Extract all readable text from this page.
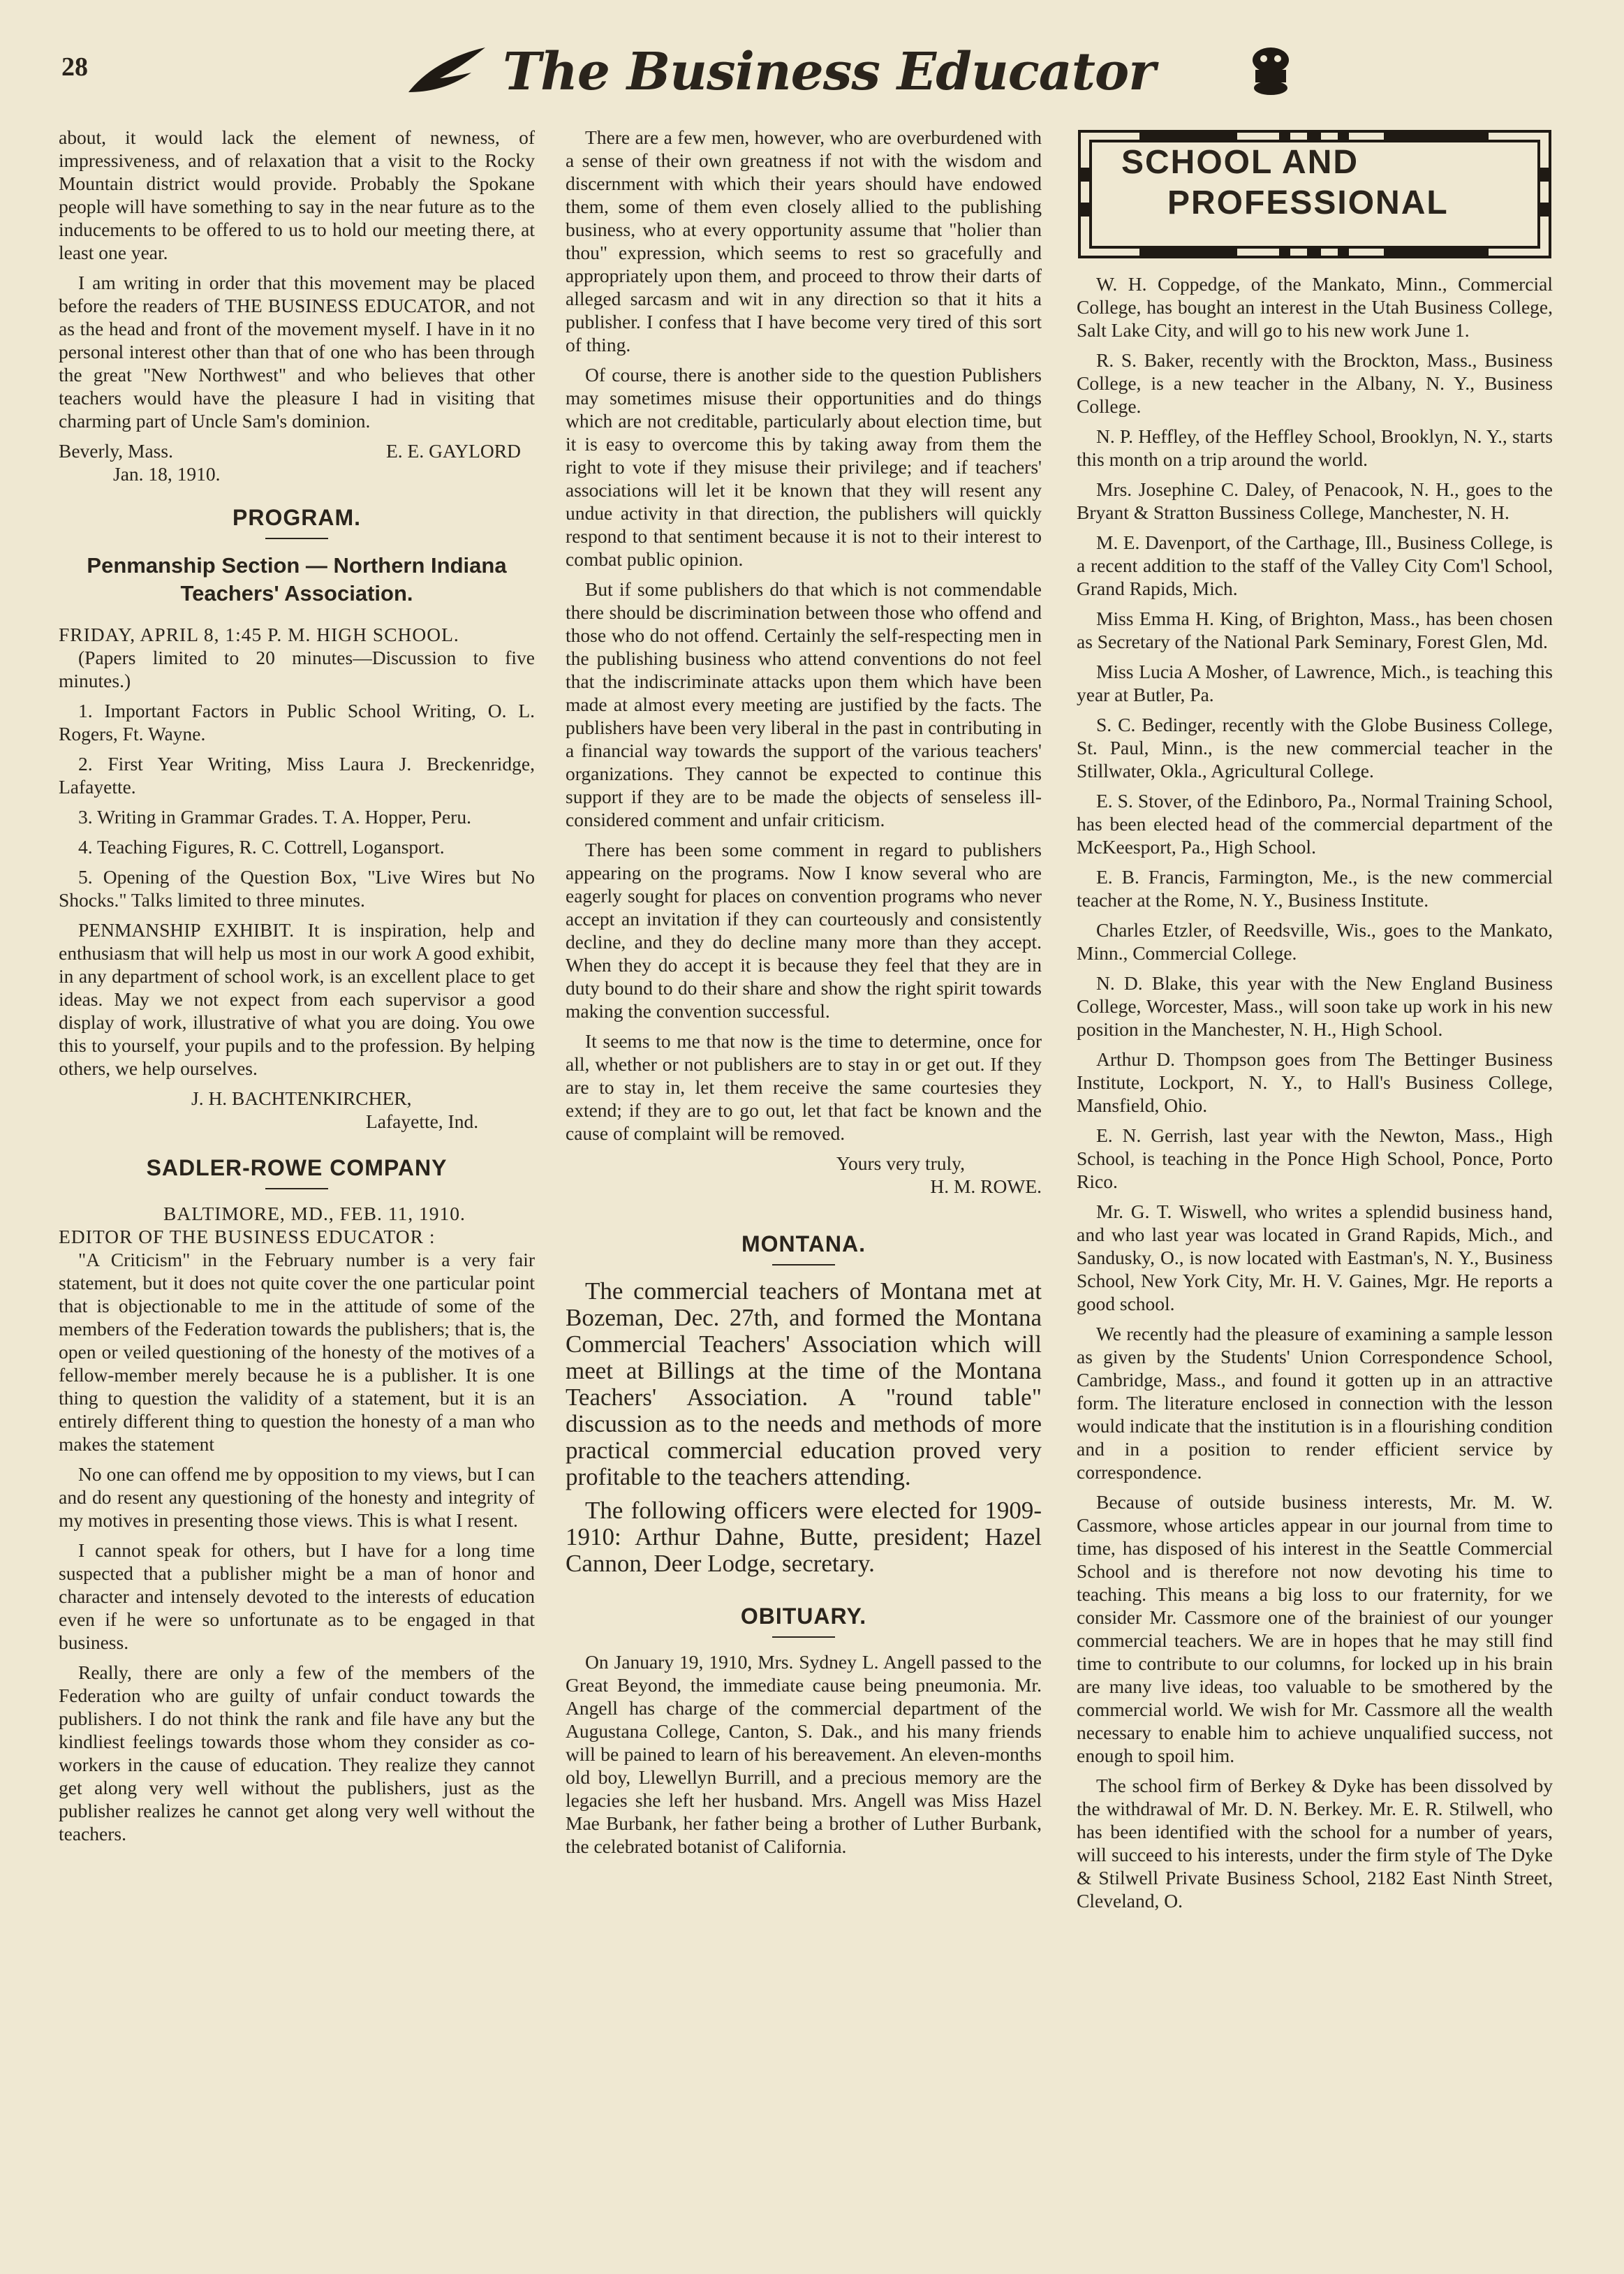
28	The Business Educator

about, it would lack the element of newness, of impressiveness, and of relaxation that a visit to the Rocky Mountain district would provide. Probably the Spokane people will have something to say in the near future as to the inducements to be offered to us to hold our meeting there, at least one year.

I am writing in order that this movement may be placed before the readers of THE BUSINESS EDUCATOR, and not as the head and front of the movement myself. I have in it no personal interest other than that of one who has been through the great "New Northwest" and who believes that other teachers would have the pleasure I had in visiting that charming part of Uncle Sam's dominion.

Beverly, Mass.	E. E. GAYLORD
Jan. 18, 1910.
PROGRAM.
Penmanship Section — Northern Indiana Teachers' Association.
FRIDAY, APRIL 8, 1:45 P. M. HIGH SCHOOL.

(Papers limited to 20 minutes—Discussion to five minutes.)

1. Important Factors in Public School Writing, O. L. Rogers, Ft. Wayne.

2. First Year Writing, Miss Laura J. Breckenridge, Lafayette.

3. Writing in Grammar Grades. T. A. Hopper, Peru.

4. Teaching Figures, R. C. Cottrell, Logansport.

5. Opening of the Question Box, "Live Wires but No Shocks." Talks limited to three minutes.

PENMANSHIP EXHIBIT. It is inspiration, help and enthusiasm that will help us most in our work A good exhibit, in any department of school work, is an excellent place to get ideas. May we not expect from each supervisor a good display of work, illustrative of what you are doing. You owe this to yourself, your pupils and to the profession. By helping others, we help ourselves.

J. H. BACHTENKIRCHER,
Lafayette, Ind.
SADLER-ROWE COMPANY
BALTIMORE, MD., FEB. 11, 1910.
EDITOR OF THE BUSINESS EDUCATOR :

"A Criticism" in the February number is a very fair statement, but it does not quite cover the one particular point that is objectionable to me in the attitude of some of the members of the Federation towards the publishers; that is, the open or veiled questioning of the honesty of the motives of a fellow-member merely because he is a publisher. It is one thing to question the validity of a statement, but it is an entirely different thing to question the honesty of a man who makes the statement

No one can offend me by opposition to my views, but I can and do resent any questioning of the honesty and integrity of my motives in presenting those views. This is what I resent.

I cannot speak for others, but I have for a long time suspected that a publisher might be a man of honor and character and intensely devoted to the interests of education even if he were so unfortunate as to be engaged in that business.

Really, there are only a few of the members of the Federation who are guilty of unfair conduct towards the publishers. I do not think the rank and file have any but the kindliest feelings towards those whom they consider as co-workers in the cause of education. They realize they cannot get along very well without the publishers, just as the publisher realizes he cannot get along very well without the teachers.

There are a few men, however, who are overburdened with a sense of their own greatness if not with the wisdom and discernment with which their years should have endowed them, some of them even closely allied to the publishing business, who at every opportunity assume that "holier than thou" expression, which seems to rest so gracefully and appropriately upon them, and proceed to throw their darts of alleged sarcasm and wit in any direction so that it hits a publisher. I confess that I have become very tired of this sort of thing.

Of course, there is another side to the question Publishers may sometimes misuse their opportunities and do things which are not creditable, particularly about election time, but it is easy to overcome this by taking away from them the right to vote if they misuse their privilege; and if teachers' associations will let it be known that they will resent any undue activity in that direction, the publishers will quickly respond to that sentiment because it is not to their interest to combat public opinion.

But if some publishers do that which is not commendable there should be discrimination between those who offend and those who do not offend. Certainly the self-respecting men in the publishing business who attend conventions do not feel that the indiscriminate attacks upon them which have been made at almost every meeting are justified by the facts. The publishers have been very liberal in the past in contributing in a financial way towards the support of the various teachers' organizations. They cannot be expected to continue this support if they are to be made the objects of senseless ill-considered comment and unfair criticism.

There has been some comment in regard to publishers appearing on the programs. Now I know several who are eagerly sought for places on convention programs who never accept an invitation if they can courteously and consistently decline, and they do decline many more than they accept. When they do accept it is because they feel that they are in duty bound to do their share and show the right spirit towards making the convention successful.

It seems to me that now is the time to determine, once for all, whether or not publishers are to stay in or get out. If they are to stay in, let them receive the same courtesies they extend; if they are to go out, let that fact be known and the cause of complaint will be removed.

Yours very truly,
H. M. ROWE.
MONTANA.

The commercial teachers of Montana met at Bozeman, Dec. 27th, and formed the Montana Commercial Teachers' Association which will meet at Billings at the time of the Montana Teachers' Association. A "round table" discussion as to the needs and methods of more practical commercial education proved very profitable to the teachers attending.

The following officers were elected for 1909-1910: Arthur Dahne, Butte, president; Hazel Cannon, Deer Lodge, secretary.

OBITUARY.

On January 19, 1910, Mrs. Sydney L. Angell passed to the Great Beyond, the immediate cause being pneumonia. Mr. Angell has charge of the commercial department of the Augustana College, Canton, S. Dak., and his many friends will be pained to learn of his bereavement. An eleven-months old boy, Llewellyn Burrill, and a precious memory are the legacies she left her husband. Mrs. Angell was Miss Hazel Mae Burbank, her father being a brother of Luther Burbank, the celebrated botanist of California.

SCHOOL AND
PROFESSIONAL

W. H. Coppedge, of the Mankato, Minn., Commercial College, has bought an interest in the Utah Business College, Salt Lake City, and will go to his new work June 1.

R. S. Baker, recently with the Brockton, Mass., Business College, is a new teacher in the Albany, N. Y., Business College.

N. P. Heffley, of the Heffley School, Brooklyn, N. Y., starts this month on a trip around the world.

Mrs. Josephine C. Daley, of Penacook, N. H., goes to the Bryant & Stratton Bussiness College, Manchester, N. H.

M. E. Davenport, of the Carthage, Ill., Business College, is a recent addition to the staff of the Valley City Com'l School, Grand Rapids, Mich.

Miss Emma H. King, of Brighton, Mass., has been chosen as Secretary of the National Park Seminary, Forest Glen, Md.

Miss Lucia A Mosher, of Lawrence, Mich., is teaching this year at Butler, Pa.

S. C. Bedinger, recently with the Globe Business College, St. Paul, Minn., is the new commercial teacher in the Stillwater, Okla., Agricultural College.

E. S. Stover, of the Edinboro, Pa., Normal Training School, has been elected head of the commercial department of the McKeesport, Pa., High School.

E. B. Francis, Farmington, Me., is the new commercial teacher at the Rome, N. Y., Business Institute.

Charles Etzler, of Reedsville, Wis., goes to the Mankato, Minn., Commercial College.

N. D. Blake, this year with the New England Business College, Worcester, Mass., will soon take up work in his new position in the Manchester, N. H., High School.

Arthur D. Thompson goes from The Bettinger Business Institute, Lockport, N. Y., to Hall's Business College, Mansfield, Ohio.

E. N. Gerrish, last year with the Newton, Mass., High School, is teaching in the Ponce High School, Ponce, Porto Rico.

Mr. G. T. Wiswell, who writes a splendid business hand, and who last year was located in Grand Rapids, Mich., and Sandusky, O., is now located with Eastman's, N. Y., Business School, New York City, Mr. H. V. Gaines, Mgr. He reports a good school.

We recently had the pleasure of examining a sample lesson as given by the Students' Union Correspondence School, Cambridge, Mass., and found it gotten up in an attractive form. The literature enclosed in connection with the lesson would indicate that the institution is in a flourishing condition and in a position to render efficient service by correspondence.

Because of outside business interests, Mr. M. W. Cassmore, whose articles appear in our journal from time to time, has disposed of his interest in the Seattle Commercial School and is therefore not now devoting his time to teaching. This means a big loss to our fraternity, for we consider Mr. Cassmore one of the brainiest of our younger commercial teachers. We are in hopes that he may still find time to contribute to our columns, for locked up in his brain are many live ideas, too valuable to be smothered by the commercial world. We wish for Mr. Cassmore all the wealth necessary to enable him to achieve unqualified success, not enough to spoil him.

The school firm of Berkey & Dyke has been dissolved by the withdrawal of Mr. D. N. Berkey. Mr. E. R. Stilwell, who has been identified with the school for a number of years, will succeed to his interests, under the firm style of The Dyke & Stilwell Private Business School, 2182 East Ninth Street, Cleveland, O.
